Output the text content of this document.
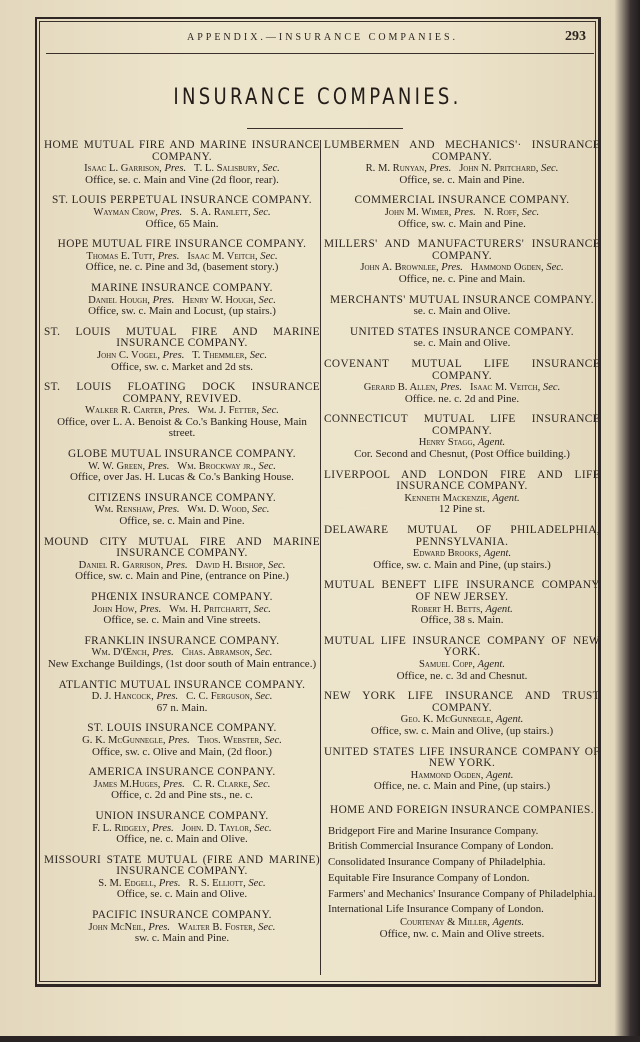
APPENDIX.—INSURANCE COMPANIES.	293
INSURANCE COMPANIES.
HOME MUTUAL FIRE AND MARINE INSURANCE COMPANY.
Isaac L. Garrison, Pres. T. L. Salisbury, Sec.
Office, se. c. Main and Vine (2d floor, rear).
ST. LOUIS PERPETUAL INSURANCE COMPANY.
Wayman Crow, Pres. S. A. Ranlett, Sec.
Office, 65 Main.
HOPE MUTUAL FIRE INSURANCE COMPANY.
Thomas E. Tutt, Pres. Isaac M. Veitch, Sec.
Office, ne. c. Pine and 3d, (basement story.)
MARINE INSURANCE COMPANY.
Daniel Hough, Pres. Henry W. Hough, Sec.
Office, sw. c. Main and Locust, (up stairs.)
ST. LOUIS MUTUAL FIRE AND MARINE INSURANCE COMPANY.
John C. Vogel, Pres. T. Themmler, Sec.
Office, sw. c. Market and 2d sts.
ST. LOUIS FLOATING DOCK INSURANCE COMPANY, REVIVED.
Walker R. Carter, Pres. Wm. J. Fetter, Sec.
Office, over L. A. Benoist & Co.'s Banking House, Main street.
GLOBE MUTUAL INSURANCE COMPANY.
W. W. Green, Pres. Wm. Brockway jr., Sec.
Office, over Jas. H. Lucas & Co.'s Banking House.
CITIZENS INSURANCE COMPANY.
Wm. Renshaw, Pres. Wm. D. Wood, Sec.
Office, se. c. Main and Pine.
MOUND CITY MUTUAL FIRE AND MARINE INSURANCE COMPANY.
Daniel R. Garrison, Pres. David H. Bishop, Sec.
Office, sw. c. Main and Pine, (entrance on Pine.)
PHŒNIX INSURANCE COMPANY.
John How, Pres. Wm. H. Pritchartt, Sec.
Office, se. c. Main and Vine streets.
FRANKLIN INSURANCE COMPANY.
Wm. D'Œnch, Pres. Chas. Abramson, Sec.
New Exchange Buildings, (1st door south of Main entrance.)
ATLANTIC MUTUAL INSURANCE COMPANY.
D. J. Hancock, Pres. C. C. Ferguson, Sec.
67 n. Main.
ST. LOUIS INSURANCE COMPANY.
G. K. McGunnegle, Pres. Thos. Webster, Sec.
Office, sw. c. Olive and Main, (2d floor.)
AMERICA INSURANCE CONPANY.
James M.Huges, Pres. C. R. Clarke, Sec.
Office, c. 2d and Pine sts., ne. c.
UNION INSURANCE COMPANY.
F. L. Ridgely, Pres. John. D. Taylor, Sec.
Office, ne. c. Main and Olive.
MISSOURI STATE MUTUAL (FIRE AND MARINE) INSURANCE COMPANY.
S. M. Edgell, Pres. R. S. Elliott, Sec.
Office, se. c. Main and Olive.
PACIFIC INSURANCE COMPANY.
John McNeil, Pres. Walter B. Foster, Sec.
sw. c. Main and Pine.
LUMBERMEN AND MECHANICS'· INSURANCE COMPANY.
R. M. Runyan, Pres. John N. Pritchard, Sec.
Office, se. c. Main and Pine.
COMMERCIAL INSURANCE COMPANY.
John M. Wimer, Pres. N. Roff, Sec.
Office, sw. c. Main and Pine.
MILLERS' AND MANUFACTURERS' INSURANCE COMPANY.
John A. Brownlee, Pres. Hammond Ogden, Sec.
Office, ne. c. Pine and Main.
MERCHANTS' MUTUAL INSURANCE COMPANY.
se. c. Main and Olive.
UNITED STATES INSURANCE COMPANY.
se. c. Main and Olive.
COVENANT MUTUAL LIFE INSURANCE COMPANY.
Gerard B. Allen, Pres. Isaac M. Veitch, Sec.
Office. ne. c. 2d and Pine.
CONNECTICUT MUTUAL LIFE INSURANCE COMPANY.
Henry Stagg, Agent.
Cor. Second and Chesnut, (Post Office building.)
LIVERPOOL AND LONDON FIRE AND LIFE INSURANCE COMPANY.
Kenneth Mackenzie, Agent.
12 Pine st.
DELAWARE MUTUAL OF PHILADELPHIA, PENNSYLVANIA.
Edward Brooks, Agent.
Office, sw. c. Main and Pine, (up stairs.)
MUTUAL BENEFT LIFE INSURANCE COMPANY OF NEW JERSEY.
Robert H. Betts, Agent.
Office, 38 s. Main.
MUTUAL LIFE INSURANCE COMPANY OF NEW YORK.
Samuel Copp, Agent.
Office, ne. c. 3d and Chesnut.
NEW YORK LIFE INSURANCE AND TRUST COMPANY.
Geo. K. McGunnegle, Agent.
Office, sw. c. Main and Olive, (up stairs.)
UNITED STATES LIFE INSURANCE COMPANY OF NEW YORK.
Hammond Ogden, Agent.
Office, ne. c. Main and Pine, (up stairs.)
HOME AND FOREIGN INSURANCE COMPANIES.
Bridgeport Fire and Marine Insurance Company.
British Commercial Insurance Company of London.
Consolidated Insurance Company of Philadelphia.
Equitable Fire Insurance Company of London.
Farmers' and Mechanics' Insurance Company of Philadelphia.
International Life Insurance Company of London.
Courtenay & Miller, Agents.
Office, nw. c. Main and Olive streets.
